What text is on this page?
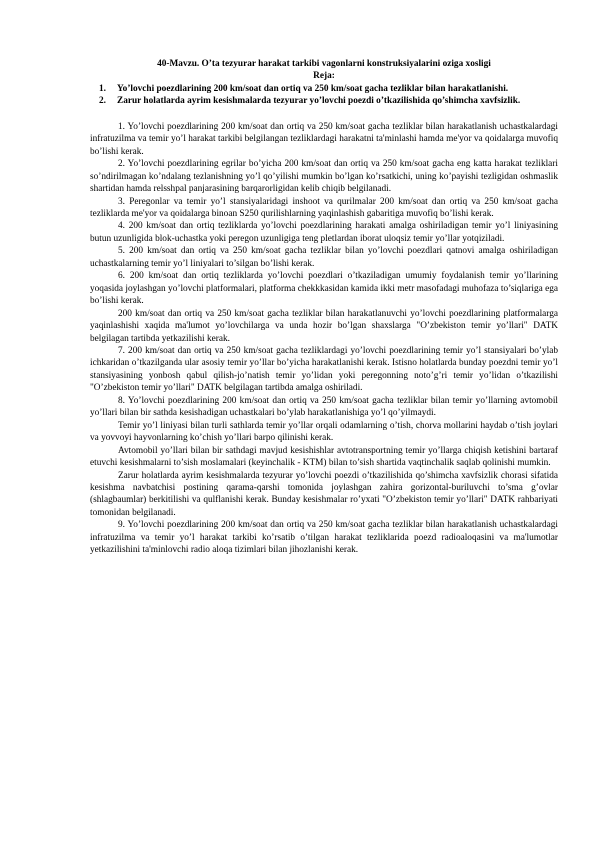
40-Mavzu. O’ta tezyurar harakat tarkibi vagonlarni konstruksiyalarini oziga xosligi

Reja:

1. Yo’lovchi poezdlarining 200 km/soat dan ortiq va 250 km/soat gacha tezliklar bilan harakatlanishi.
2. Zarur holatlarda ayrim kesishmalarda tezyurar yo’lovchi poezdi o’tkazilishida qo’shimcha xavfsizlik.

1. Yo’lovchi poezdlarining 200 km/soat dan ortiq va 250 km/soat gacha tezliklar bilan harakatlanish uchastkalardagi infratuzilma va temir yo’l harakat tarkibi belgilangan tezliklardagi harakatni ta'minlashi hamda me'yor va qoidalarga muvofiq bo’lishi kerak.

2. Yo’lovchi poezdlarining egrilar bo’yicha 200 km/soat dan ortiq va 250 km/soat gacha eng katta harakat tezliklari so’ndirilmagan ko’ndalang tezlanishning yo’l qo’yilishi mumkin bo’lgan ko’rsatkichi, uning ko’payishi tezligidan oshmaslik shartidan hamda relsshpal panjarasining barqarorligidan kelib chiqib belgilanadi.

3. Peregonlar va temir yo’l stansiyalaridagi inshoot va qurilmalar 200 km/soat dan ortiq va 250 km/soat gacha tezliklarda me'yor va qoidalarga binoan S250 qurilishlarning yaqinlashish gabaritiga muvofiq bo’lishi kerak.

4. 200 km/soat dan ortiq tezliklarda yo’lovchi poezdlarining harakati amalga oshiriladigan temir yo’l liniyasining butun uzunligida blok-uchastka yoki peregon uzunligiga teng pletlardan iborat uloqsiz temir yo’llar yotqiziladi.

5. 200 km/soat dan ortiq va 250 km/soat gacha tezliklar bilan yo’lovchi poezdlari qatnovi amalga oshiriladigan uchastkalarning temir yo’l liniyalari to’silgan bo’lishi kerak.

6. 200 km/soat dan ortiq tezliklarda yo’lovchi poezdlari o’tkaziladigan umumiy foydalanish temir yo’llarining yoqasida joylashgan yo’lovchi platformalari, platforma chekkkasidan kamida ikki metr masofadagi muhofaza to’siqlariga ega bo’lishi kerak.

200 km/soat dan ortiq va 250 km/soat gacha tezliklar bilan harakatlanuvchi yo’lovchi poezdlarining platformalarga yaqinlashishi xaqida ma'lumot yo’lovchilarga va unda hozir bo’lgan shaxslarga "O’zbekiston temir yo’llari" DATK belgilagan tartibda yetkazilishi kerak.

7. 200 km/soat dan ortiq va 250 km/soat gacha tezliklardagi yo’lovchi poezdlarining temir yo’l stansiyalari bo’ylab ichkaridan o’tkazilganda ular asosiy temir yo’llar bo’yicha harakatlanishi kerak. Istisno holatlarda bunday poezdni temir yo’l stansiyasining yonbosh qabul qilish-jo’natish temir yo’lidan yoki peregonning noto’g’ri temir yo’lidan o’tkazilishi "O’zbekiston temir yo’llari" DATK belgilagan tartibda amalga oshiriladi.

8. Yo’lovchi poezdlarining 200 km/soat dan ortiq va 250 km/soat gacha tezliklar bilan temir yo’llarning avtomobil yo’llari bilan bir sathda kesishadigan uchastkalari bo’ylab harakatlanishiga yo’l qo’yilmaydi.

Temir yo’l liniyasi bilan turli sathlarda temir yo’llar orqali odamlarning o’tish, chorva mollarini haydab o’tish joylari va yovvoyi hayvonlarning ko’chish yo’llari barpo qilinishi kerak.

Avtomobil yo’llari bilan bir sathdagi mavjud kesishishlar avtotransportning temir yo’llarga chiqish ketishini bartaraf etuvchi kesishmalarni to’sish moslamalari (keyinchalik - KTM) bilan to’sish shartida vaqtinchalik saqlab qolinishi mumkin.

Zarur holatlarda ayrim kesishmalarda tezyurar yo’lovchi poezdi o’tkazilishida qo’shimcha xavfsizlik chorasi sifatida kesishma navbatchisi postining qarama-qarshi tomonida joylashgan zahira gorizontal-buriluvchi to’sma g’ovlar (shlagbaumlar) berkitilishi va qulflanishi kerak. Bunday kesishmalar ro’yxati "O’zbekiston temir yo’llari" DATK rahbariyati tomonidan belgilanadi.

9. Yo’lovchi poezdlarining 200 km/soat dan ortiq va 250 km/soat gacha tezliklar bilan harakatlanish uchastkalardagi infratuzilma va temir yo’l harakat tarkibi ko’rsatib o’tilgan harakat tezliklarida poezd radioaloqasini va ma'lumotlar yetkazilishini ta'minlovchi radio aloqa tizimlari bilan jihozlanishi kerak.
